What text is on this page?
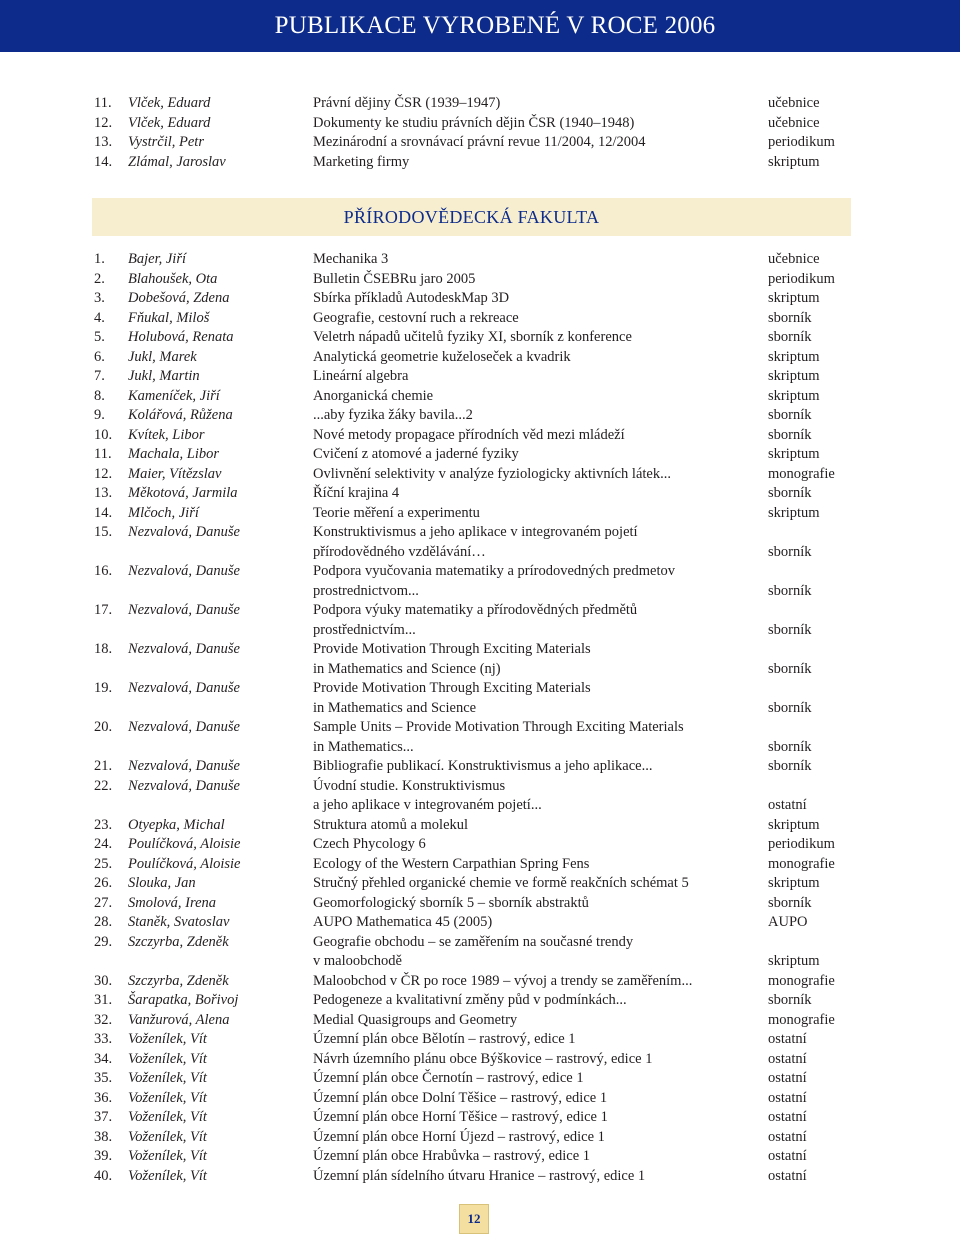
PUBLIKACE VYROBENÉ V ROCE 2006
11. Vlček, Eduard	Právní dějiny ČSR (1939–1947)	učebnice
12. Vlček, Eduard	Dokumenty ke studiu právních dějin ČSR (1940–1948)	učebnice
13. Vystrčil, Petr	Mezinárodní a srovnávací právní revue 11/2004, 12/2004	periodikum
14. Zlámal, Jaroslav	Marketing firmy	skriptum
PŘÍRODOVĚDECKÁ FAKULTA
1. Bajer, Jiří	Mechanika 3	učebnice
2. Blahoušek, Ota	Bulletin ČSEBRu jaro 2005	periodikum
3. Dobešová, Zdena	Sbírka příkladů AutodeskMap 3D	skriptum
4. Fňukal, Miloš	Geografie, cestovní ruch a rekreace	sborník
5. Holubová, Renata	Veletrh nápadů učitelů fyziky XI, sborník z konference	sborník
6. Jukl, Marek	Analytická geometrie kuželoseček a kvadrik	skriptum
7. Jukl, Martin	Lineární algebra	skriptum
8. Kameníček, Jiří	Anorganická chemie	skriptum
9. Kolářová, Růžena	...aby fyzika žáky bavila...2	sborník
10. Kvítek, Libor	Nové metody propagace přírodních věd mezi mládeží	sborník
11. Machala, Libor	Cvičení z atomové a jaderné fyziky	skriptum
12. Maier, Vítězslav	Ovlivnění selektivity v analýze fyziologicky aktivních látek...	monografie
13. Měkotová, Jarmila	Říční krajina 4	sborník
14. Mlčoch, Jiří	Teorie měření a experimentu	skriptum
15. Nezvalová, Danuše	Konstruktivismus a jeho aplikace v integrovaném pojetí
přírodovědného vzdělávání…	sborník
16. Nezvalová, Danuše	Podpora vyučovania matematiky a prírodovedných predmetov
prostrednictvom...	sborník
17. Nezvalová, Danuše	Podpora výuky matematiky a přírodovědných předmětů
prostřednictvím...	sborník
18. Nezvalová, Danuše	Provide Motivation Through Exciting Materials
in Mathematics and Science (nj)	sborník
19. Nezvalová, Danuše	Provide Motivation Through Exciting Materials
in Mathematics and Science	sborník
20. Nezvalová, Danuše	Sample Units – Provide Motivation Through Exciting Materials
in Mathematics...	sborník
21. Nezvalová, Danuše	Bibliografie publikací. Konstruktivismus a jeho aplikace...	sborník
22. Nezvalová, Danuše	Úvodní studie. Konstruktivismus
a jeho aplikace v integrovaném pojetí...	ostatní
23. Otyepka, Michal	Struktura atomů a molekul	skriptum
24. Poulíčková, Aloisie	Czech Phycology 6	periodikum
25. Poulíčková, Aloisie	Ecology of the Western Carpathian Spring Fens	monografie
26. Slouka, Jan	Stručný přehled organické chemie ve formě reakčních schémat 5	skriptum
27. Smolová, Irena	Geomorfologický sborník 5 – sborník abstraktů	sborník
28. Staněk, Svatoslav	AUPO Mathematica 45 (2005)	AUPO
29. Szczyrba, Zdeněk	Geografie obchodu – se zaměřením na současné trendy
v maloobchodě	skriptum
30. Szczyrba, Zdeněk	Maloobchod v ČR po roce 1989 – vývoj a trendy se zaměřením...	monografie
31. Šarapatka, Bořivoj	Pedogeneze a kvalitativní změny půd v podmínkách...	sborník
32. Vanžurová, Alena	Medial Quasigroups and Geometry	monografie
33. Voženílek, Vít	Územní plán obce Bělotín – rastrový, edice 1	ostatní
34. Voženílek, Vít	Návrh územního plánu obce Býškovice – rastrový, edice 1	ostatní
35. Voženílek, Vít	Územní plán obce Černotín – rastrový, edice 1	ostatní
36. Voženílek, Vít	Územní plán obce Dolní Těšice – rastrový, edice 1	ostatní
37. Voženílek, Vít	Územní plán obce Horní Těšice – rastrový, edice 1	ostatní
38. Voženílek, Vít	Územní plán obce Horní Újezd – rastrový, edice 1	ostatní
39. Voženílek, Vít	Územní plán obce Hrabůvka – rastrový, edice 1	ostatní
40. Voženílek, Vít	Územní plán sídelního útvaru Hranice – rastrový, edice 1	ostatní
12
